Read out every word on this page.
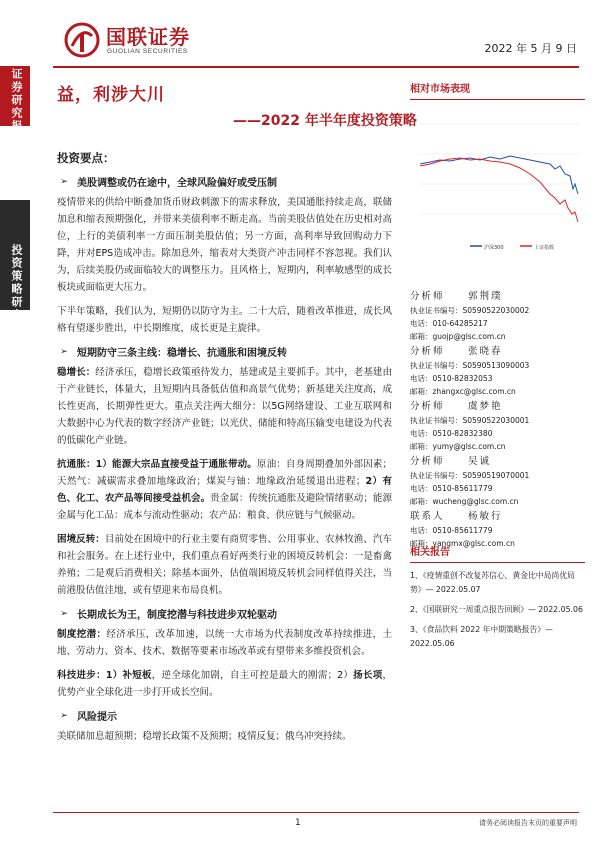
国联证券
GUOLIAN SECURITIES	2022 年 5 月 9 日
证券研究报告
投资策略研究
益，利涉大川
——2022 年半年度投资策略
投资要点：
➢ 美股调整或仍在途中，全球风险偏好或受压制
疫情带来的供给中断叠加货币财政刺激下的需求释放，美国通胀持续走高，联储加息和缩表预期强化，并带来美债利率不断走高。当前美股估值处在历史相对高位，上行的美债利率一方面压制美股估值；另一方面，高利率导致回购动力下降，并对EPS造成冲击。除加息外，缩表对大类资产冲击同样不容忽视。我们认为，后续美股仍或面临较大的调整压力。且风格上，短期内，利率敏感型的成长板块或面临更大压力。
下半年策略，我们认为，短期仍以防守为主。二十大后，随着改革推进，成长风格有望逐步胜出，中长期维度，成长更是主旋律。
➢ 短期防守三条主线：稳增长、抗通胀和困境反转
稳增长：经济承压，稳增长政策亟待发力，基建或是主要抓手。其中，老基建由于产业链长，体量大，且短期内具备低估值和高景气优势；新基建关注度高，成长性更高，长期弹性更大。重点关注两大细分：以5G网络建设、工业互联网和大数据中心为代表的数字经济产业链；以光伏、储能和特高压输变电建设为代表的低碳化产业链。
抗通胀：1）能源大宗品直接受益于通胀带动。原油：自身周期叠加外部因素；天然气：减碳需求叠加地缘政治；煤炭与铀：地缘政治延缓退出进程；2）有色、化工、农产品等间接受益机会。贵金属：传统抗通胀及避险情绪驱动；能源金属与化工品：成本与流动性驱动；农产品：粮食、供应链与气候驱动。
困境反转：目前处在困境中的行业主要有商贸零售、公用事业、农林牧渔、汽车和社会服务。在上述行业中，我们重点看好两类行业的困境反转机会：一是畜禽养殖；二是观后消费相关；除基本面外，估值端困境反转机会同样值得关注，当前港股估值洼地，或有望迎来布局良机。
➢ 长期成长为王，制度挖潜与科技进步双轮驱动
制度挖潜：经济承压，改革加速，以统一大市场为代表制度改革持续推进，土地、劳动力、资本、技术、数据等要素市场改革或有望带来多维投资机会。
科技进步：1）补短板，逆全球化加剧，自主可控是最大的刚需；2）扬长项，优势产业全球化进一步打开成长空间。
➢ 风险提示
美联储加息超预期；稳增长政策不及预期；疫情反复；俄乌冲突持续。
相对市场表现
沪深300	上证指数
分析师	郭荆璞
执业证书编号：S0590522030002
电话：010-64285217
邮箱：guojp@glsc.com.cn
分析师	张晓春
执业证书编号：S0590513090003
电话：0510-82832053
邮箱：zhangxc@glsc.com.cn
分析师	虞梦艳
执业证书编号：S0590522030001
电话：0510-82832380
邮箱：yumy@glsc.com.cn
分析师	吴诚
执业证书编号：S0590519070001
电话：0510-85611779
邮箱：wucheng@glsc.com.cn
联系人	杨敏行
电话：0510-85611779
邮箱：yangmx@glsc.com.cn
相关报告
1、《疫情重创不改复苏信心，黄金比中局尚优局势》— 2022.05.07
2、《国联研究一周重点报告回顾》— 2022.05.06
3、《食品饮料 2022 年中期策略报告》— 2022.05.06
1	请务必阅读报告末页的重要声明
